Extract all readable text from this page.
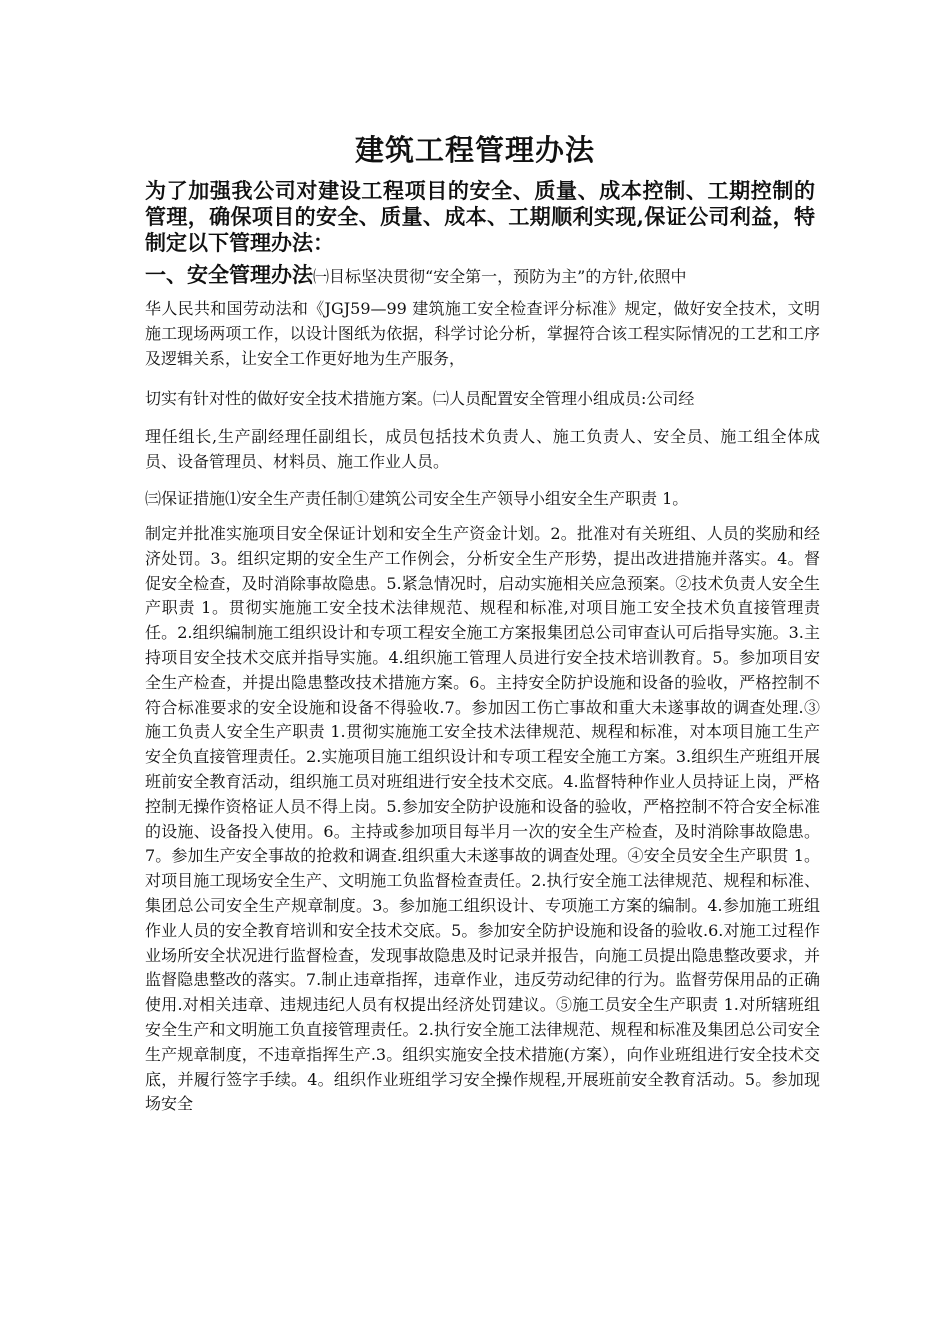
建筑工程管理办法
为了加强我公司对建设工程项目的安全、质量、成本控制、工期控制的管理，确保项目的安全、质量、成本、工期顺利实现,保证公司利益，特制定以下管理办法：
一、安全管理办法㈠目标坚决贯彻“安全第一，预防为主”的方针,依照中
华人民共和国劳动法和《JGJ59—99 建筑施工安全检查评分标准》规定，做好安全技术，文明施工现场两项工作，以设计图纸为依据，科学讨论分析，掌握符合该工程实际情况的工艺和工序及逻辑关系，让安全工作更好地为生产服务，
切实有针对性的做好安全技术措施方案。㈡人员配置安全管理小组成员:公司经
理任组长,生产副经理任副组长，成员包括技术负责人、施工负责人、安全员、施工组全体成员、设备管理员、材料员、施工作业人员。
㈢保证措施⑴安全生产责任制①建筑公司安全生产领导小组安全生产职责 1。
制定并批准实施项目安全保证计划和安全生产资金计划。2。批准对有关班组、人员的奖励和经济处罚。3。组织定期的安全生产工作例会，分析安全生产形势，提出改进措施并落实。4。督促安全检查，及时消除事故隐患。5.紧急情况时，启动实施相关应急预案。②技术负责人安全生产职责 1。贯彻实施施工安全技术法律规范、规程和标准,对项目施工安全技术负直接管理责任。2.组织编制施工组织设计和专项工程安全施工方案报集团总公司审查认可后指导实施。3.主持项目安全技术交底并指导实施。4.组织施工管理人员进行安全技术培训教育。5。参加项目安全生产检查，并提出隐患整改技术措施方案。6。主持安全防护设施和设备的验收，严格控制不符合标准要求的安全设施和设备不得验收.7。参加因工伤亡事故和重大未遂事故的调查处理.③施工负责人安全生产职责 1.贯彻实施施工安全技术法律规范、规程和标准，对本项目施工生产安全负直接管理责任。2.实施项目施工组织设计和专项工程安全施工方案。3.组织生产班组开展班前安全教育活动，组织施工员对班组进行安全技术交底。4.监督特种作业人员持证上岗，严格控制无操作资格证人员不得上岗。5.参加安全防护设施和设备的验收，严格控制不符合安全标准的设施、设备投入使用。6。主持或参加项目每半月一次的安全生产检查，及时消除事故隐患。7。参加生产安全事故的抢救和调查.组织重大未遂事故的调查处理。④安全员安全生产职贯 1。对项目施工现场安全生产、文明施工负监督检查责任。2.执行安全施工法律规范、规程和标准、集团总公司安全生产规章制度。3。参加施工组织设计、专项施工方案的编制。4.参加施工班组作业人员的安全教育培训和安全技术交底。5。参加安全防护设施和设备的验收.6.对施工过程作业场所安全状况进行监督检查，发现事故隐患及时记录并报告，向施工员提出隐患整改要求，并监督隐患整改的落实。7.制止违章指挥，违章作业，违反劳动纪律的行为。监督劳保用品的正确使用.对相关违章、违规违纪人员有权提出经济处罚建议。⑤施工员安全生产职责 1.对所辖班组安全生产和文明施工负直接管理责任。2.执行安全施工法律规范、规程和标准及集团总公司安全生产规章制度，不违章指挥生产.3。组织实施安全技术措施(方案），向作业班组进行安全技术交底，并履行签字手续。4。组织作业班组学习安全操作规程,开展班前安全教育活动。5。参加现场安全
